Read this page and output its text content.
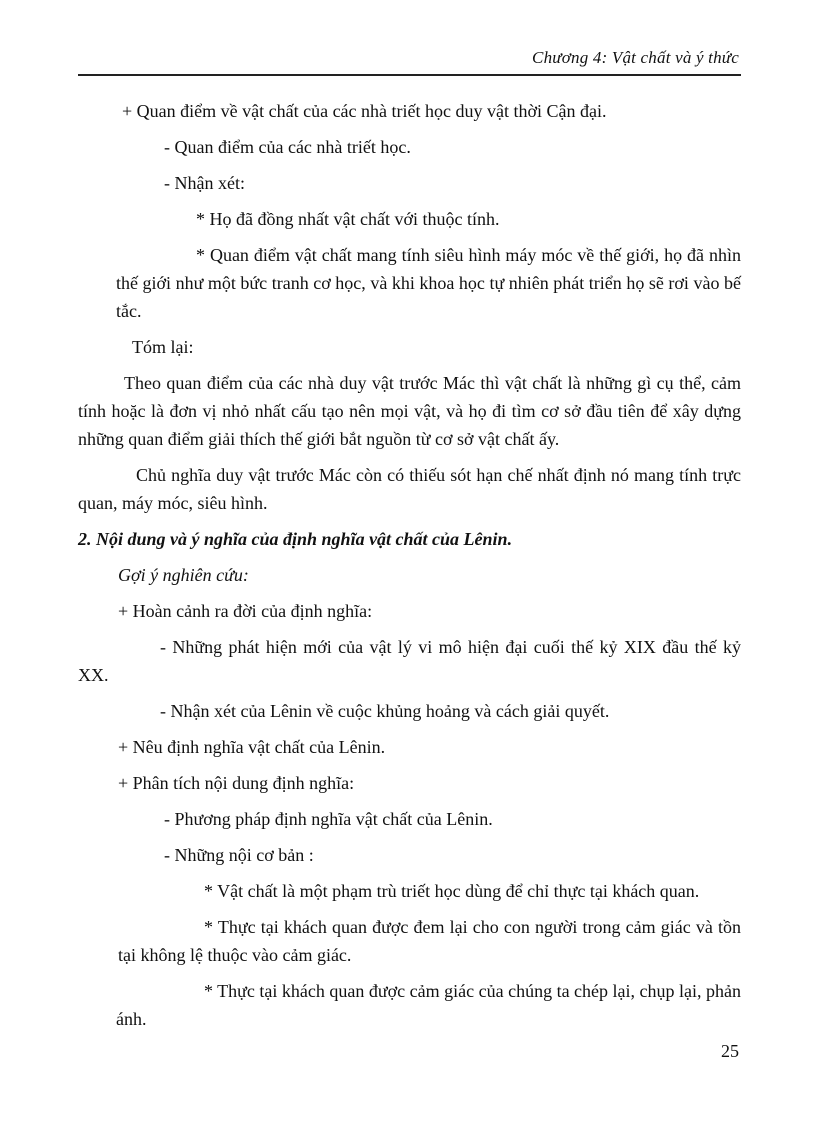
Chương 4: Vật chất và ý thức

+ Quan điểm về vật chất của các nhà triết học duy vật thời Cận đại.

- Quan điểm của các nhà triết học.

- Nhận xét:

* Họ đã đồng nhất vật chất với thuộc tính.

* Quan điểm vật chất mang tính siêu hình máy móc về thế giới, họ đã nhìn thế giới như một bức tranh cơ học, và khi khoa học tự nhiên phát triển họ sẽ rơi vào bế tắc.

Tóm lại:

Theo quan điểm của các nhà duy vật trước Mác thì vật chất là những gì cụ thể, cảm tính hoặc là đơn vị nhỏ nhất cấu tạo nên mọi vật, và họ đi tìm cơ sở đầu tiên để xây dựng những quan điểm giải thích thế giới bắt nguồn từ cơ sở vật chất ấy.

Chủ nghĩa duy vật trước Mác còn có thiếu sót hạn chế nhất định nó mang tính trực quan, máy móc, siêu hình.

2. Nội dung và ý nghĩa của định nghĩa vật chất của Lênin.

Gợi ý nghiên cứu:

+ Hoàn cảnh ra đời của định nghĩa:

- Những phát hiện mới của vật lý vi mô hiện đại cuối thế kỷ XIX đầu thế kỷ XX.

- Nhận xét của Lênin về cuộc khủng hoảng và cách giải quyết.

+ Nêu định nghĩa vật chất của Lênin.

+ Phân tích nội dung định nghĩa:

- Phương pháp định nghĩa vật chất của Lênin.

- Những nội cơ bản :

* Vật chất là một phạm trù triết học dùng để chỉ thực tại khách quan.

* Thực tại khách quan được đem lại cho con người trong cảm giác và tồn tại không lệ thuộc vào cảm giác.

* Thực tại khách quan được cảm giác của chúng ta chép lại, chụp lại, phản ánh.

25
